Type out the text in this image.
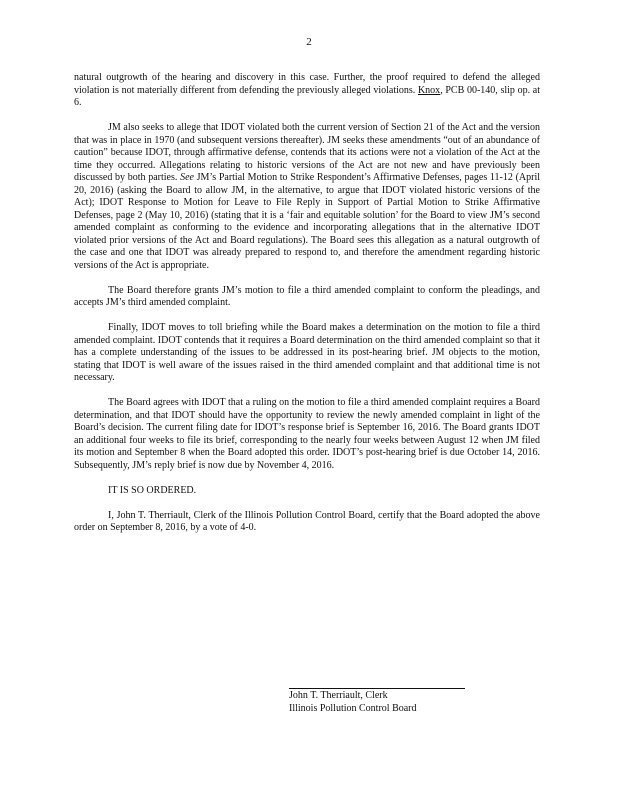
2

natural outgrowth of the hearing and discovery in this case. Further, the proof required to defend the alleged violation is not materially different from defending the previously alleged violations. Knox, PCB 00-140, slip op. at 6.

JM also seeks to allege that IDOT violated both the current version of Section 21 of the Act and the version that was in place in 1970 (and subsequent versions thereafter). JM seeks these amendments “out of an abundance of caution” because IDOT, through affirmative defense, contends that its actions were not a violation of the Act at the time they occurred. Allegations relating to historic versions of the Act are not new and have previously been discussed by both parties. See JM’s Partial Motion to Strike Respondent’s Affirmative Defenses, pages 11-12 (April 20, 2016) (asking the Board to allow JM, in the alternative, to argue that IDOT violated historic versions of the Act); IDOT Response to Motion for Leave to File Reply in Support of Partial Motion to Strike Affirmative Defenses, page 2 (May 10, 2016) (stating that it is a ‘fair and equitable solution’ for the Board to view JM’s second amended complaint as conforming to the evidence and incorporating allegations that in the alternative IDOT violated prior versions of the Act and Board regulations). The Board sees this allegation as a natural outgrowth of the case and one that IDOT was already prepared to respond to, and therefore the amendment regarding historic versions of the Act is appropriate.

The Board therefore grants JM’s motion to file a third amended complaint to conform the pleadings, and accepts JM’s third amended complaint.

Finally, IDOT moves to toll briefing while the Board makes a determination on the motion to file a third amended complaint. IDOT contends that it requires a Board determination on the third amended complaint so that it has a complete understanding of the issues to be addressed in its post-hearing brief. JM objects to the motion, stating that IDOT is well aware of the issues raised in the third amended complaint and that additional time is not necessary.

The Board agrees with IDOT that a ruling on the motion to file a third amended complaint requires a Board determination, and that IDOT should have the opportunity to review the newly amended complaint in light of the Board’s decision. The current filing date for IDOT’s response brief is September 16, 2016. The Board grants IDOT an additional four weeks to file its brief, corresponding to the nearly four weeks between August 12 when JM filed its motion and September 8 when the Board adopted this order. IDOT’s post-hearing brief is due October 14, 2016. Subsequently, JM’s reply brief is now due by November 4, 2016.

IT IS SO ORDERED.

I, John T. Therriault, Clerk of the Illinois Pollution Control Board, certify that the Board adopted the above order on September 8, 2016, by a vote of 4-0.

John T. Therriault, Clerk
Illinois Pollution Control Board
